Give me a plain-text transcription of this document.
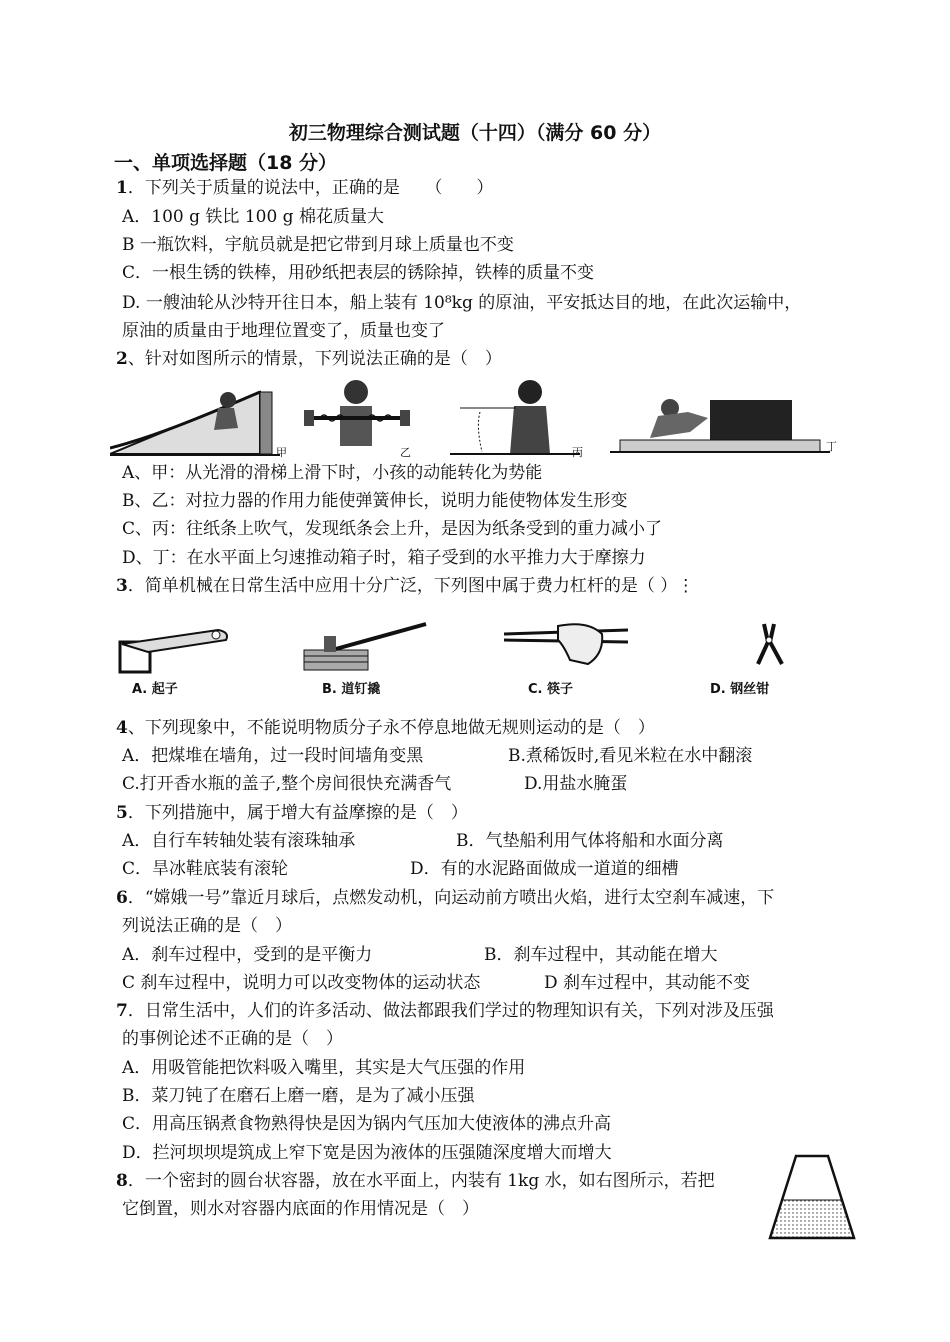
初三物理综合测试题（十四）（满分 60 分）
一、单项选择题（18 分）
1．下列关于质量的说法中，正确的是　　（　　）
A．100 g 铁比 100 g 棉花质量大
B 一瓶饮料，宇航员就是把它带到月球上质量也不变
C．一根生锈的铁棒，用砂纸把表层的锈除掉，铁棒的质量不变
D. 一艘油轮从沙特开往日本，船上装有 10⁸kg 的原油，平安抵达目的地，在此次运输中，
原油的质量由于地理位置变了，质量也变了
2、针对如图所示的情景，下列说法正确的是（　）
甲	乙	丙	丁
A、甲：从光滑的滑梯上滑下时，小孩的动能转化为势能
B、乙：对拉力器的作用力能使弹簧伸长，说明力能使物体发生形变
C、丙：往纸条上吹气，发现纸条会上升，是因为纸条受到的重力减小了
D、丁：在水平面上匀速推动箱子时，箱子受到的水平推力大于摩擦力
3．简单机械在日常生活中应用十分广泛，下列图中属于费力杠杆的是（ ）⋮
A. 起子	B. 道钉撬	C. 筷子	D. 钢丝钳
4、下列现象中，不能说明物质分子永不停息地做无规则运动的是（　）
A．把煤堆在墙角，过一段时间墙角变黑	B.煮稀饭时,看见米粒在水中翻滚
C.打开香水瓶的盖子,整个房间很快充满香气	D.用盐水腌蛋
5．下列措施中，属于增大有益摩擦的是（　）
A．自行车转轴处装有滚珠轴承	B．气垫船利用气体将船和水面分离
C．旱冰鞋底装有滚轮	D．有的水泥路面做成一道道的细槽
6．“嫦娥一号”靠近月球后，点燃发动机，向运动前方喷出火焰，进行太空刹车减速，下
列说法正确的是（　）
A．刹车过程中，受到的是平衡力	B．刹车过程中，其动能在增大
C 刹车过程中，说明力可以改变物体的运动状态	D 刹车过程中，其动能不变
7．日常生活中，人们的许多活动、做法都跟我们学过的物理知识有关，下列对涉及压强
的事例论述不正确的是（　）
A．用吸管能把饮料吸入嘴里，其实是大气压强的作用
B．菜刀钝了在磨石上磨一磨，是为了减小压强
C．用高压锅煮食物熟得快是因为锅内气压加大使液体的沸点升高
D．拦河坝坝堤筑成上窄下宽是因为液体的压强随深度增大而增大
8．一个密封的圆台状容器，放在水平面上，内装有 1kg 水，如右图所示，若把
它倒置，则水对容器内底面的作用情况是（　）
